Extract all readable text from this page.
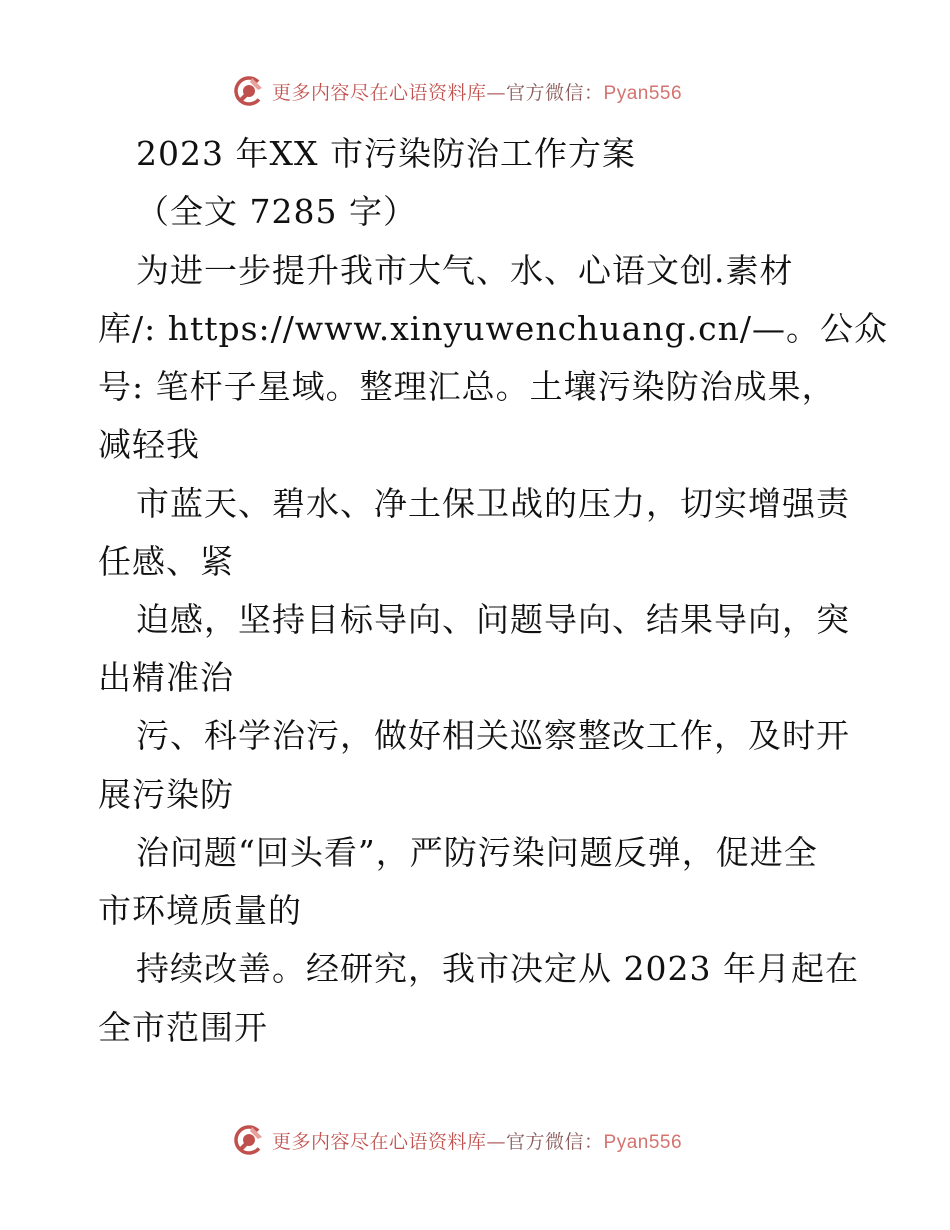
更多内容尽在心语资料库—官方微信：Pyan556
2023 年XX 市污染防治工作方案
（全文 7285 字）
为进一步提升我市大气、水、心语文创.素材
库/: https://www.xinyuwenchuang.cn/—。公众
号: 笔杆子星域。整理汇总。土壤污染防治成果，
减轻我
市蓝天、碧水、净土保卫战的压力，切实增强责
任感、紧
迫感，坚持目标导向、问题导向、结果导向，突
出精准治
污、科学治污，做好相关巡察整改工作，及时开
展污染防
治问题“回头看”，严防污染问题反弹，促进全
市环境质量的
持续改善。经研究，我市决定从 2023 年月起在
全市范围开
更多内容尽在心语资料库—官方微信：Pyan556
